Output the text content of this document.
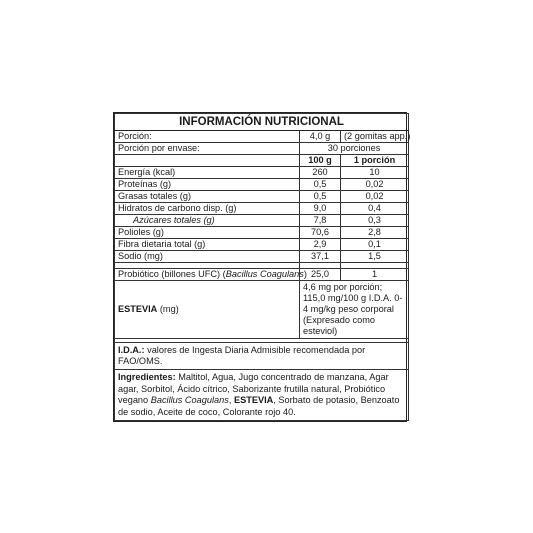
INFORMACIÓN NUTRICIONAL		
Porción:	4,0 g	(2 gomitas app.)
Porción por envase:	30 porciones	
	100 g	1 porción
Energía (kcal)	260	10
Proteínas (g)	0,5	0,02
Grasas totales (g)	0,5	0,02
Hidratos de carbono disp. (g)	9,0	0,4
Azúcares totales (g)	7,8	0,3
Polioles (g)	70,6	2,8
Fibra dietaria total (g)	2,9	0,1
Sodio (mg)	37,1	1,5

Probiótico (billones UFC) (Bacillus Coagulans)	25,0	1
ESTEVIA (mg)	4,6 mg por porción; 115,0 mg/100 g I.D.A. 0-4 mg/kg peso corporal (Expresado como esteviol)	

I.D.A.: valores de Ingesta Diaria Admisible recomendada por FAO/OMS.		
Ingredientes: Maltitol, Agua, Jugo concentrado de manzana, Agar agar, Sorbitol, Ácido cítrico, Saborizante frutilla natural, Probiótico vegano Bacillus Coagulans, ESTEVIA, Sorbato de potasio, Benzoato de sodio, Aceite de coco, Colorante rojo 40.		
